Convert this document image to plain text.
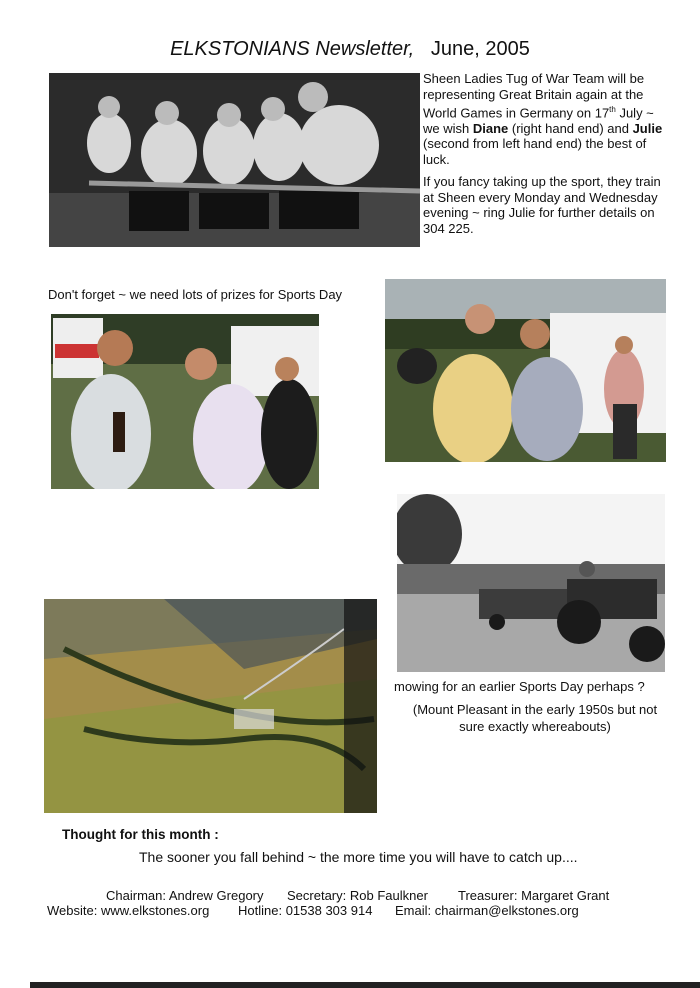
ELKSTONIANS Newsletter, June, 2005
Sheen Ladies Tug of War Team will be representing Great Britain again at the World Games in Germany on 17th July ~ we wish Diane (right hand end) and Julie (second from left hand end) the best of luck.
If you fancy taking up the sport, they train at Sheen every Monday and Wednesday evening ~ ring Julie for further details on 304 225.
Don't forget ~ we need lots of prizes for Sports Day
mowing for an earlier Sports Day perhaps ?
(Mount Pleasant in the early 1950s but not sure exactly whereabouts)
Thought for this month :
The sooner you fall behind ~ the more time you will have to catch up....
Chairman: Andrew Gregory Secretary: Rob Faulkner Treasurer: Margaret Grant
Website: www.elkstones.org Hotline: 01538 303 914 Email: chairman@elkstones.org
